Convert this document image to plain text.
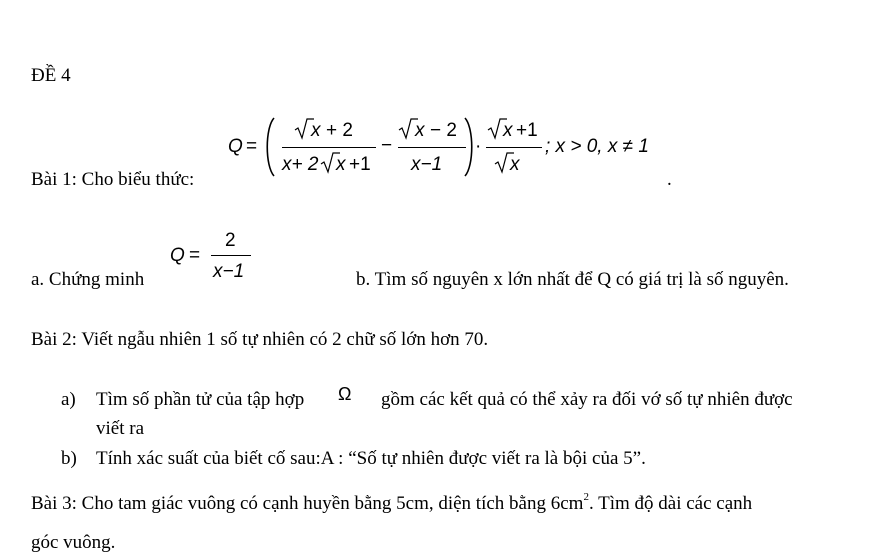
ĐỀ 4
Bài 1: Cho biểu thức:
Q =
x + 2
x+ 2 x +1
−
x − 2
x−1
·
x +1
x
; x > 0, x ≠ 1
.
a. Chứng minh
Q =
2
x−1	b. Tìm số nguyên x lớn nhất để Q có giá trị là số nguyên.
Bài 2: Viết ngẫu nhiên 1 số tự nhiên có 2 chữ số lớn hơn 70.
a) Tìm số phần tử của tập hợp Ω gồm các kết quả có thể xảy ra đối vớ số tự nhiên được
viết ra
b) Tính xác suất của biết cố sau:A : “Số tự nhiên được viết ra là bội của 5”.
Bài 3: Cho tam giác vuông có cạnh huyền bằng 5cm, diện tích bằng $6cm^2$. Tìm độ dài các cạnh
góc vuông.
